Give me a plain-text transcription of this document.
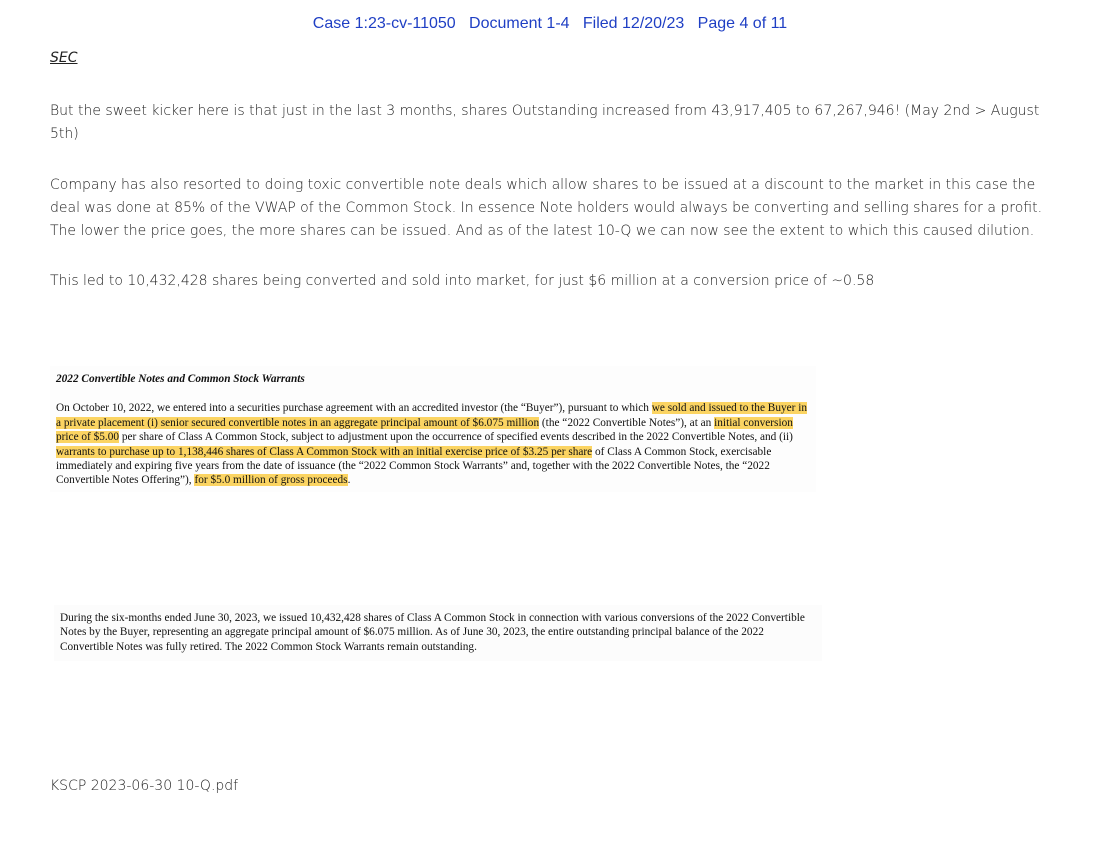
Case 1:23-cv-11050 Document 1-4 Filed 12/20/23 Page 4 of 11
SEC
But the sweet kicker here is that just in the last 3 months, shares Outstanding increased from 43,917,405 to 67,267,946! (May 2nd > August 5th)
Company has also resorted to doing toxic convertible note deals which allow shares to be issued at a discount to the market in this case the deal was done at 85% of the VWAP of the Common Stock. In essence Note holders would always be converting and selling shares for a profit. The lower the price goes, the more shares can be issued. And as of the latest 10-Q we can now see the extent to which this caused dilution.
This led to 10,432,428 shares being converted and sold into market, for just $6 million at a conversion price of ~0.58
2022 Convertible Notes and Common Stock Warrants
On October 10, 2022, we entered into a securities purchase agreement with an accredited investor (the “Buyer”), pursuant to which we sold and issued to the Buyer in a private placement (i) senior secured convertible notes in an aggregate principal amount of $6.075 million (the “2022 Convertible Notes”), at an initial conversion price of $5.00 per share of Class A Common Stock, subject to adjustment upon the occurrence of specified events described in the 2022 Convertible Notes, and (ii) warrants to purchase up to 1,138,446 shares of Class A Common Stock with an initial exercise price of $3.25 per share of Class A Common Stock, exercisable immediately and expiring five years from the date of issuance (the “2022 Common Stock Warrants” and, together with the 2022 Convertible Notes, the “2022 Convertible Notes Offering”), for $5.0 million of gross proceeds.
During the six-months ended June 30, 2023, we issued 10,432,428 shares of Class A Common Stock in connection with various conversions of the 2022 Convertible Notes by the Buyer, representing an aggregate principal amount of $6.075 million. As of June 30, 2023, the entire outstanding principal balance of the 2022 Convertible Notes was fully retired. The 2022 Common Stock Warrants remain outstanding.
KSCP 2023-06-30 10-Q.pdf
